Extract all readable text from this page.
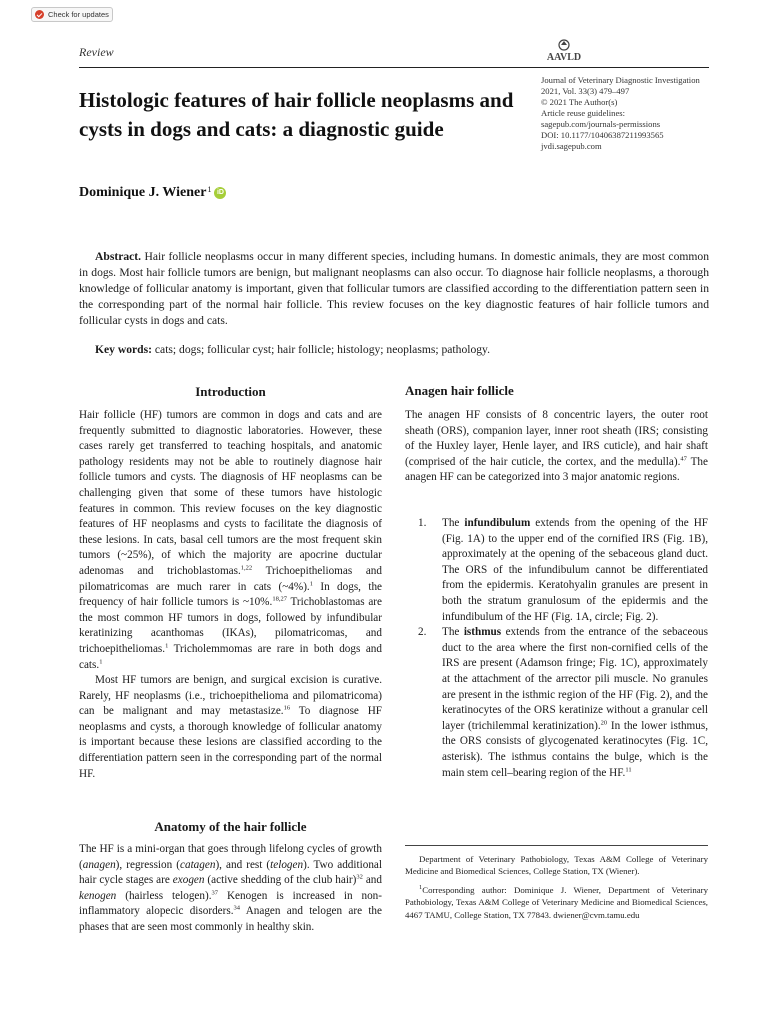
Check for updates
Review	AAVLD
Histologic features of hair follicle neoplasms and cysts in dogs and cats: a diagnostic guide
Journal of Veterinary Diagnostic Investigation
2021, Vol. 33(3) 479–497
© 2021 The Author(s)
Article reuse guidelines:
sagepub.com/journals-permissions
DOI: 10.1177/10406387211993565
jvdi.sagepub.com
Dominique J. Wiener$^1$ iD
Abstract. Hair follicle neoplasms occur in many different species, including humans. In domestic animals, they are most common in dogs. Most hair follicle tumors are benign, but malignant neoplasms can also occur. To diagnose hair follicle neoplasms, a thorough knowledge of follicular anatomy is important, given that follicular tumors are classified according to the differentiation pattern seen in the corresponding part of the normal hair follicle. This review focuses on the key diagnostic features of hair follicle tumors and follicular cysts in dogs and cats.
Key words: cats; dogs; follicular cyst; hair follicle; histology; neoplasms; pathology.
Introduction

Hair follicle (HF) tumors are common in dogs and cats and are frequently submitted to diagnostic laboratories. However, these cases rarely get transferred to teaching hospitals, and anatomic pathology residents may not be able to routinely diagnose hair follicle tumors and cysts. The diagnosis of HF neoplasms can be challenging given that some of these tumors have histologic features in common. This review focuses on the key diagnostic features of HF neoplasms and cysts to facilitate the diagnosis of these lesions. In cats, basal cell tumors are the most frequent skin tumors (~25%), of which the majority are apocrine ductular adenomas and trichoblastomas.$^{1,22}$ Trichoepitheliomas and pilomatricomas are much rarer in cats (~4%).$^1$ In dogs, the frequency of hair follicle tumors is ~10%.$^{18,27}$ Trichoblastomas are the most common HF tumors in dogs, followed by infundibular keratinizing acanthomas (IKAs), pilomatricomas, and trichoepitheliomas.$^1$ Tricholemmomas are rare in both dogs and cats.$^1$

Most HF tumors are benign, and surgical excision is curative. Rarely, HF neoplasms (i.e., trichoepithelioma and pilomatricoma) can be malignant and may metastasize.$^{16}$ To diagnose HF neoplasms and cysts, a thorough knowledge of follicular anatomy is important because these lesions are classified according to the differentiation pattern seen in the corresponding part of the normal HF.

Anatomy of the hair follicle

The HF is a mini-organ that goes through lifelong cycles of growth (anagen), regression (catagen), and rest (telogen). Two additional hair cycle stages are exogen (active shedding of the club hair)$^{32}$ and kenogen (hairless telogen).$^{37}$ Kenogen is increased in non-inflammatory alopecic disorders.$^{34}$ Anagen and telogen are the phases that are seen most commonly in healthy skin.

Anagen hair follicle

The anagen HF consists of 8 concentric layers, the outer root sheath (ORS), companion layer, inner root sheath (IRS; consisting of the Huxley layer, Henle layer, and IRS cuticle), and hair shaft (comprised of the hair cuticle, the cortex, and the medulla).$^{47}$ The anagen HF can be categorized into 3 major anatomic regions.

1.	The infundibulum extends from the opening of the HF (Fig. 1A) to the upper end of the cornified IRS (Fig. 1B), approximately at the opening of the sebaceous gland duct. The ORS of the infundibulum cannot be differentiated from the epidermis. Keratohyalin granules are present in both the stratum granulosum of the epidermis and the infundibulum of the HF (Fig. 1A, circle; Fig. 2).
2.	The isthmus extends from the entrance of the sebaceous duct to the area where the first non-cornified cells of the IRS are present (Adamson fringe; Fig. 1C), approximately at the attachment of the arrector pili muscle. No granules are present in the isthmic region of the HF (Fig. 2), and the keratinocytes of the ORS keratinize without a granular cell layer (trichilemmal keratinization).$^{20}$ In the lower isthmus, the ORS consists of glycogenated keratinocytes (Fig. 1C, asterisk). The isthmus contains the bulge, which is the main stem cell–bearing region of the HF.$^{11}$

Department of Veterinary Pathobiology, Texas A&M College of Veterinary Medicine and Biomedical Sciences, College Station, TX (Wiener).

$^1$Corresponding author: Dominique J. Wiener, Department of Veterinary Pathobiology, Texas A&M College of Veterinary Medicine and Biomedical Sciences, 4467 TAMU, College Station, TX 77843. dwiener@cvm.tamu.edu
